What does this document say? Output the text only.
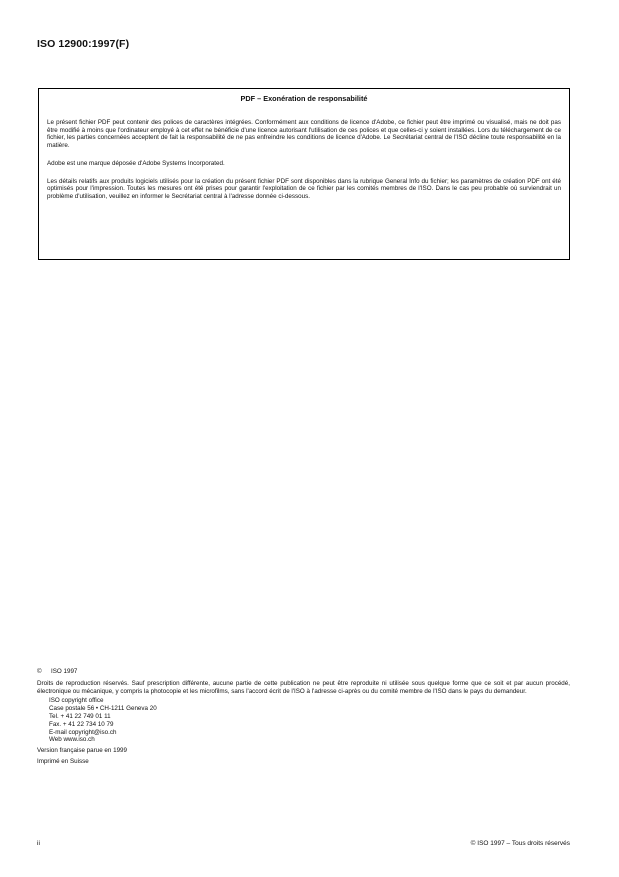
ISO 12900:1997(F)
PDF – Exonération de responsabilité

Le présent fichier PDF peut contenir des polices de caractères intégrées. Conformément aux conditions de licence d'Adobe, ce fichier peut être imprimé ou visualisé, mais ne doit pas être modifié à moins que l'ordinateur employé à cet effet ne bénéficie d'une licence autorisant l'utilisation de ces polices et que celles-ci y soient installées. Lors du téléchargement de ce fichier, les parties concernées acceptent de fait la responsabilité de ne pas enfreindre les conditions de licence d'Adobe. Le Secrétariat central de l'ISO décline toute responsabilité en la matière.

Adobe est une marque déposée d'Adobe Systems Incorporated.

Les détails relatifs aux produits logiciels utilisés pour la création du présent fichier PDF sont disponibles dans la rubrique General Info du fichier; les paramètres de création PDF ont été optimisés pour l'impression. Toutes les mesures ont été prises pour garantir l'exploitation de ce fichier par les comités membres de l'ISO. Dans le cas peu probable où surviendrait un problème d'utilisation, veuillez en informer le Secrétariat central à l'adresse donnée ci-dessous.

© ISO 1997

Droits de reproduction réservés. Sauf prescription différente, aucune partie de cette publication ne peut être reproduite ni utilisée sous quelque forme que ce soit et par aucun procédé, électronique ou mécanique, y compris la photocopie et les microfilms, sans l'accord écrit de l'ISO à l'adresse ci-après ou du comité membre de l'ISO dans le pays du demandeur.

ISO copyright office

Case postale 56 • CH-1211 Geneva 20

Tel. + 41 22 749 01 11

Fax. + 41 22 734 10 79

E-mail copyright@iso.ch

Web www.iso.ch

Version française parue en 1999

Imprimé en Suisse

ii	© ISO 1997 – Tous droits réservés
